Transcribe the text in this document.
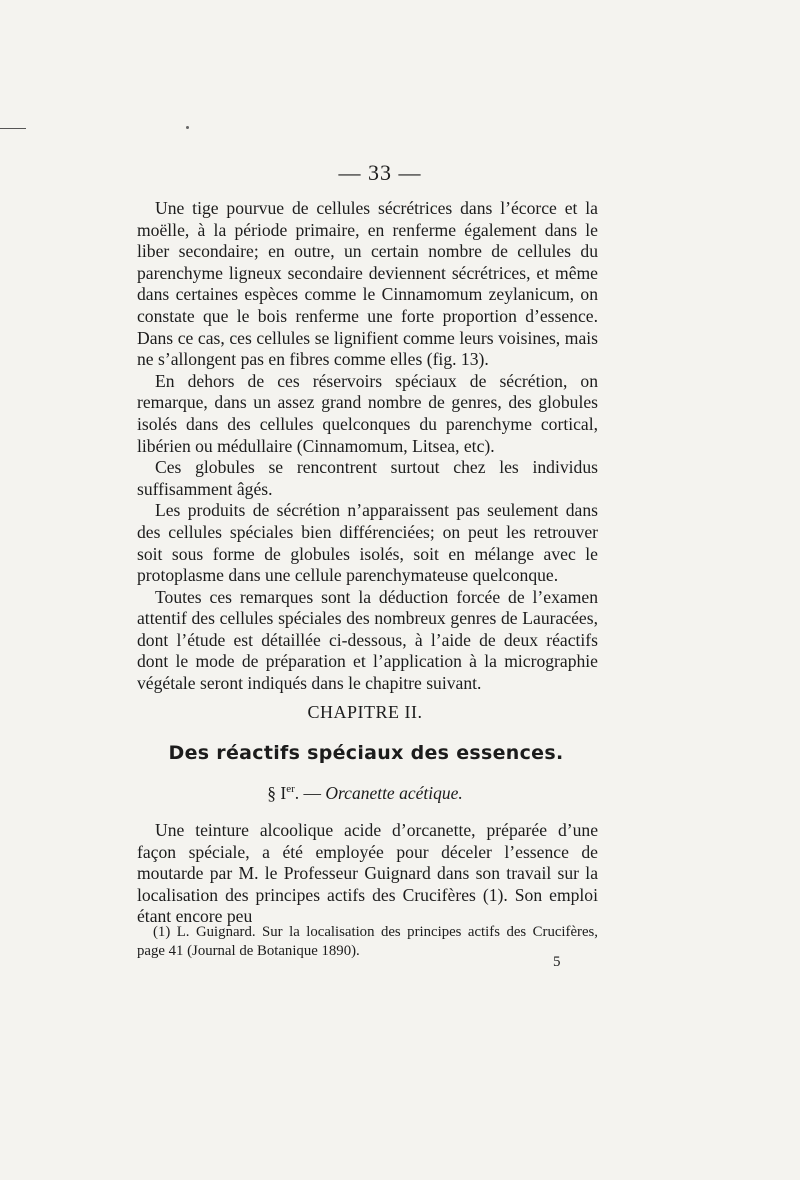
— 33 —

Une tige pourvue de cellules sécrétrices dans l’écorce et la moëlle, à la période primaire, en renferme également dans le liber secondaire; en outre, un certain nombre de cellules du parenchyme ligneux secondaire deviennent sécrétrices, et même dans certaines espèces comme le Cinnamomum zeylanicum, on constate que le bois renferme une forte proportion d’essence. Dans ce cas, ces cellules se lignifient comme leurs voisines, mais ne s’allongent pas en fibres comme elles (fig. 13).

En dehors de ces réservoirs spéciaux de sécrétion, on remarque, dans un assez grand nombre de genres, des globules isolés dans des cellules quelconques du parenchyme cortical, libérien ou médullaire (Cinnamomum, Litsea, etc).

Ces globules se rencontrent surtout chez les individus suffisamment âgés.

Les produits de sécrétion n’apparaissent pas seulement dans des cellules spéciales bien différenciées; on peut les retrouver soit sous forme de globules isolés, soit en mélange avec le protoplasme dans une cellule parenchymateuse quelconque.

Toutes ces remarques sont la déduction forcée de l’examen attentif des cellules spéciales des nombreux genres de Lauracées, dont l’étude est détaillée ci-dessous, à l’aide de deux réactifs dont le mode de préparation et l’application à la micrographie végétale seront indiqués dans le chapitre suivant.

CHAPITRE II.
Des réactifs spéciaux des essences.
§ Ier. — Orcanette acétique.

Une teinture alcoolique acide d’orcanette, préparée d’une façon spéciale, a été employée pour déceler l’essence de moutarde par M. le Professeur Guignard dans son travail sur la localisation des principes actifs des Crucifères (1). Son emploi étant encore peu

(1) L. Guignard. Sur la localisation des principes actifs des Crucifères, page 41 (Journal de Botanique 1890).

5
